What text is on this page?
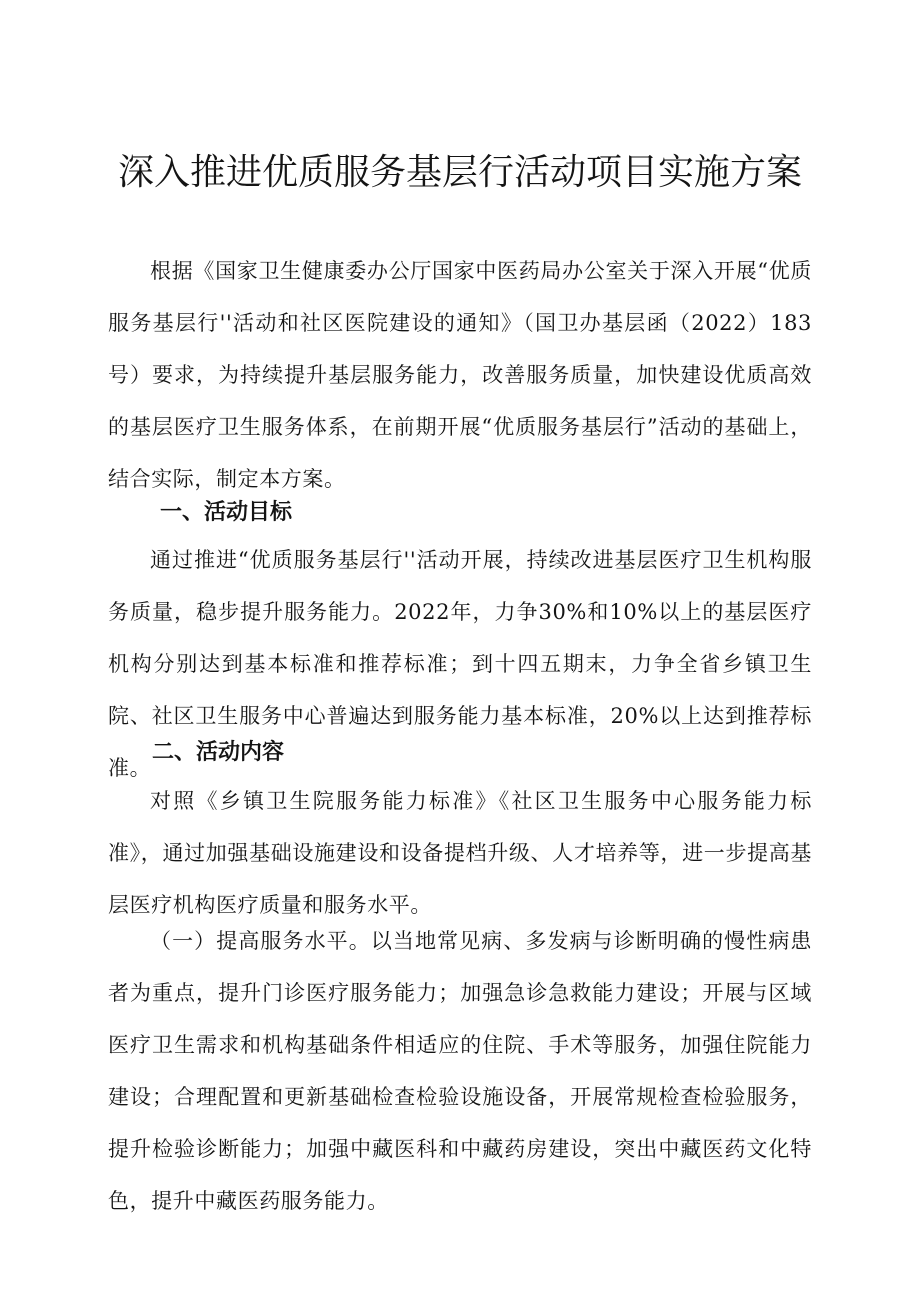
深入推进优质服务基层行活动项目实施方案

根据《国家卫生健康委办公厅国家中医药局办公室关于深入开展“优质服务基层行''活动和社区医院建设的通知》（国卫办基层函（2022）183号）要求，为持续提升基层服务能力，改善服务质量，加快建设优质高效的基层医疗卫生服务体系，在前期开展“优质服务基层行”活动的基础上，结合实际，制定本方案。

一、活动目标

通过推进“优质服务基层行''活动开展，持续改进基层医疗卫生机构服务质量，稳步提升服务能力。2022年，力争30%和10%以上的基层医疗机构分别达到基本标准和推荐标准；到十四五期末，力争全省乡镇卫生院、社区卫生服务中心普遍达到服务能力基本标准，20%以上达到推荐标准。

二、活动内容

对照《乡镇卫生院服务能力标准》《社区卫生服务中心服务能力标准》，通过加强基础设施建设和设备提档升级、人才培养等，进一步提高基层医疗机构医疗质量和服务水平。

（一）提高服务水平。以当地常见病、多发病与诊断明确的慢性病患者为重点，提升门诊医疗服务能力；加强急诊急救能力建设；开展与区域医疗卫生需求和机构基础条件相适应的住院、手术等服务，加强住院能力建设；合理配置和更新基础检查检验设施设备，开展常规检查检验服务，提升检验诊断能力；加强中藏医科和中藏药房建设，突出中藏医药文化特色，提升中藏医药服务能力。
